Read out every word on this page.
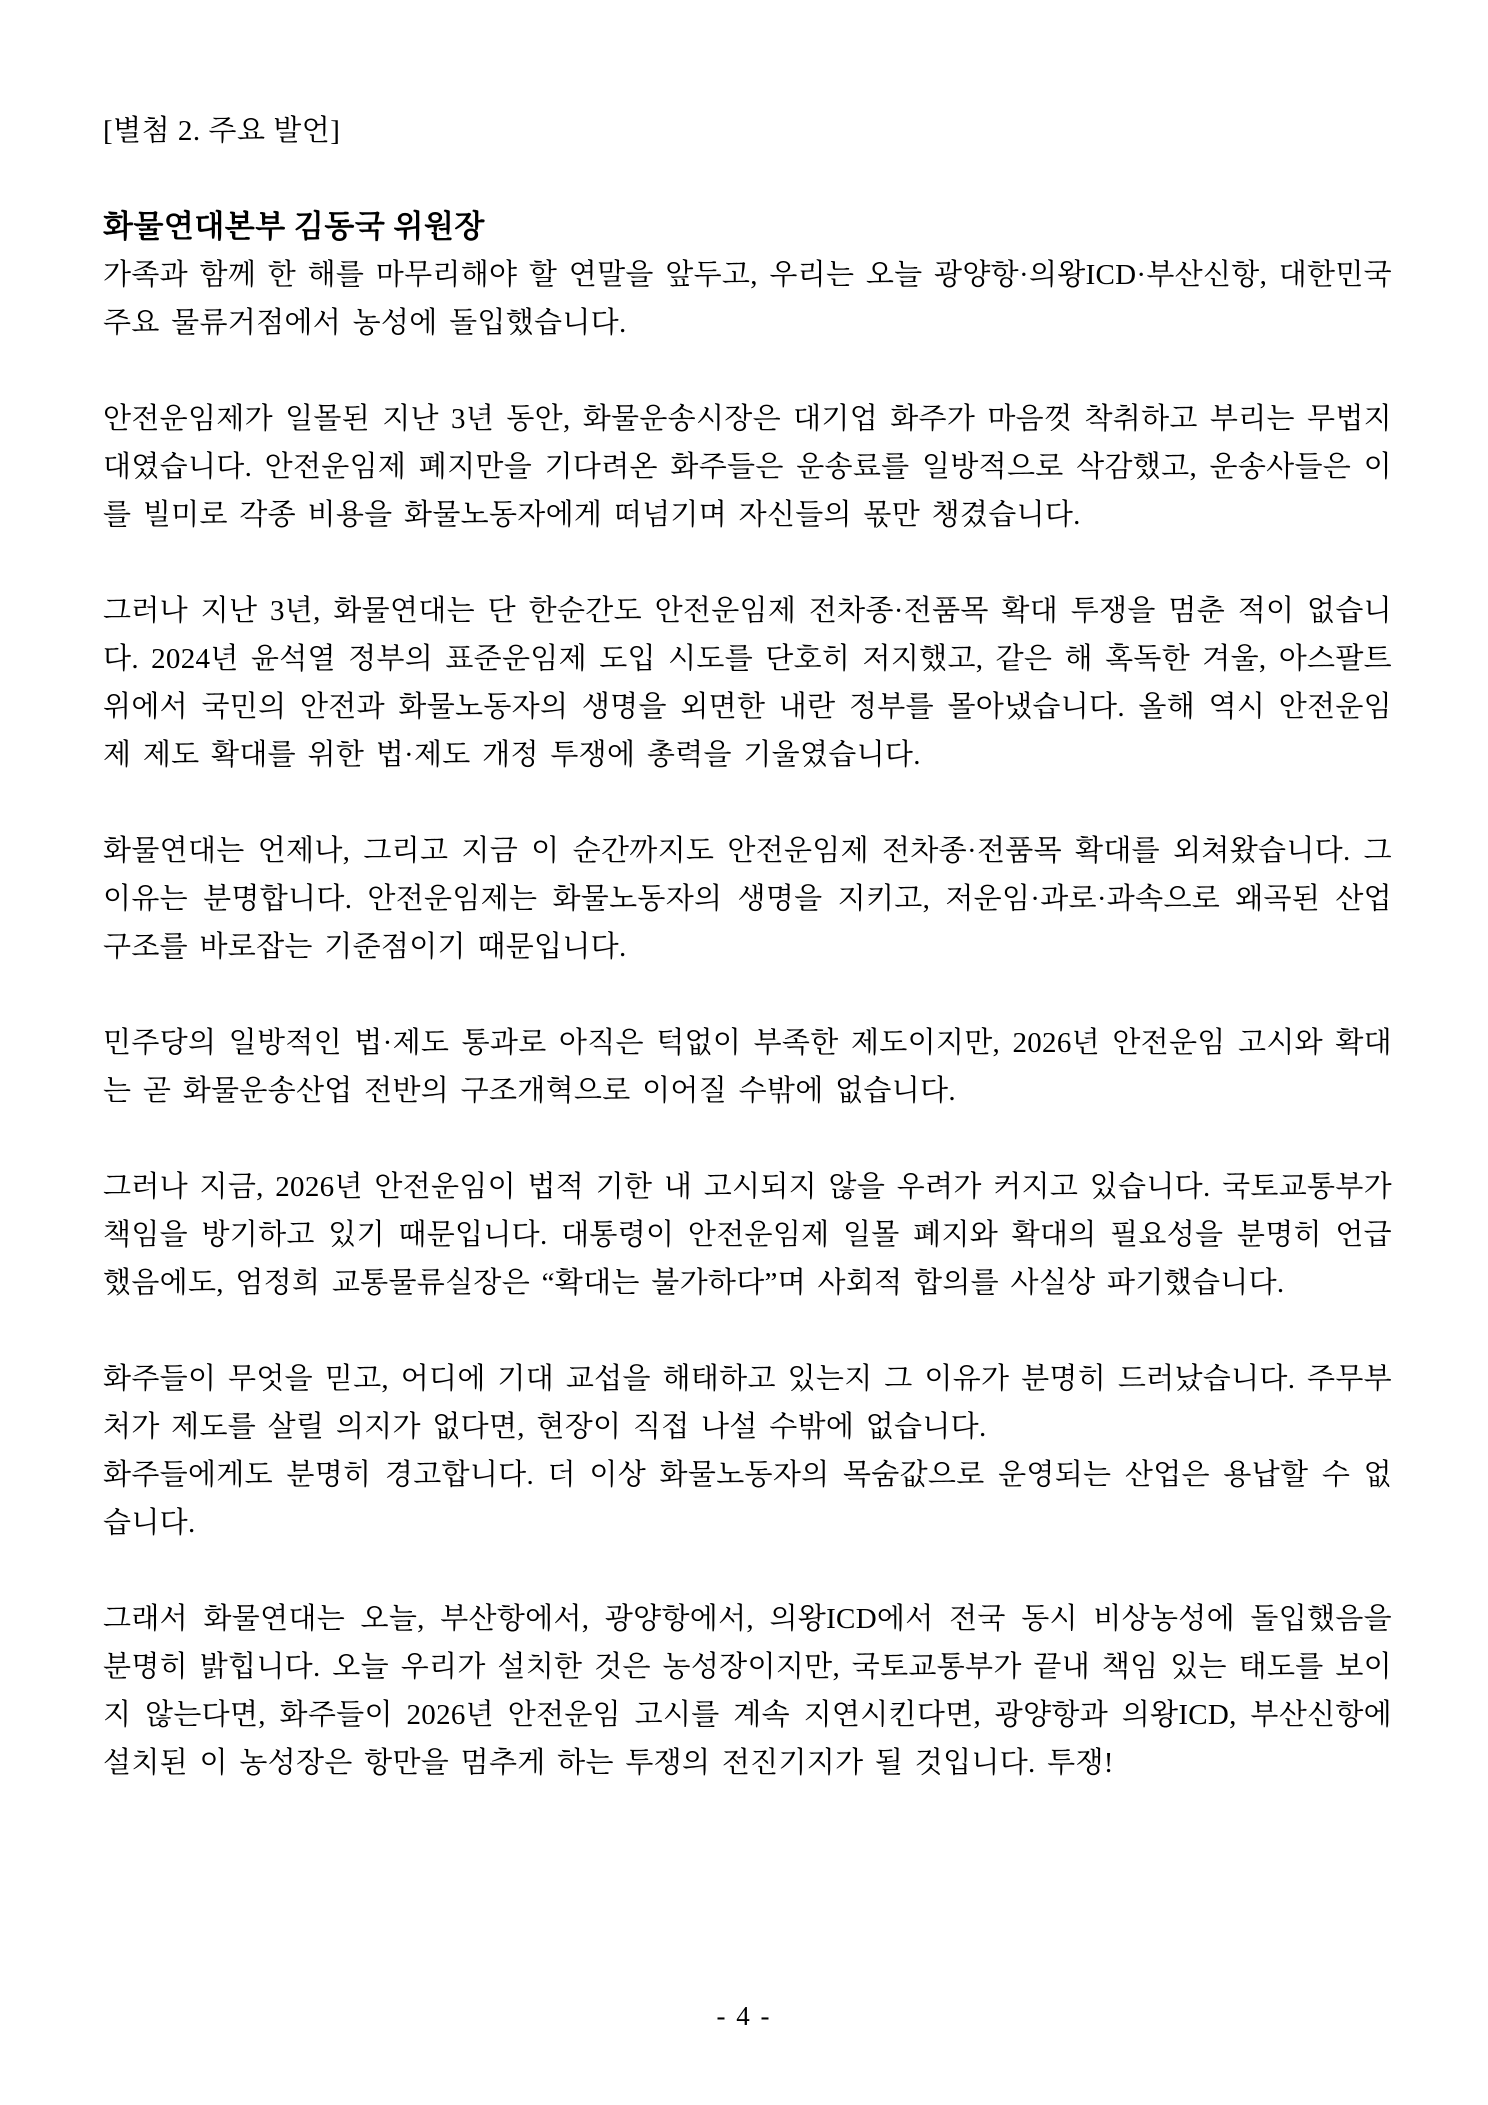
[별첨 2. 주요 발언]
화물연대본부 김동국 위원장
가족과 함께 한 해를 마무리해야 할 연말을 앞두고, 우리는 오늘 광양항·의왕ICD·부산신항, 대한민국 주요 물류거점에서 농성에 돌입했습니다.
안전운임제가 일몰된 지난 3년 동안, 화물운송시장은 대기업 화주가 마음껏 착취하고 부리는 무법지대였습니다. 안전운임제 폐지만을 기다려온 화주들은 운송료를 일방적으로 삭감했고, 운송사들은 이를 빌미로 각종 비용을 화물노동자에게 떠넘기며 자신들의 몫만 챙겼습니다.
그러나 지난 3년, 화물연대는 단 한순간도 안전운임제 전차종·전품목 확대 투쟁을 멈춘 적이 없습니다. 2024년 윤석열 정부의 표준운임제 도입 시도를 단호히 저지했고, 같은 해 혹독한 겨울, 아스팔트 위에서 국민의 안전과 화물노동자의 생명을 외면한 내란 정부를 몰아냈습니다. 올해 역시 안전운임제 제도 확대를 위한 법·제도 개정 투쟁에 총력을 기울였습니다.
화물연대는 언제나, 그리고 지금 이 순간까지도 안전운임제 전차종·전품목 확대를 외쳐왔습니다. 그 이유는 분명합니다. 안전운임제는 화물노동자의 생명을 지키고, 저운임·과로·과속으로 왜곡된 산업 구조를 바로잡는 기준점이기 때문입니다.
민주당의 일방적인 법·제도 통과로 아직은 턱없이 부족한 제도이지만, 2026년 안전운임 고시와 확대는 곧 화물운송산업 전반의 구조개혁으로 이어질 수밖에 없습니다.
그러나 지금, 2026년 안전운임이 법적 기한 내 고시되지 않을 우려가 커지고 있습니다. 국토교통부가 책임을 방기하고 있기 때문입니다. 대통령이 안전운임제 일몰 폐지와 확대의 필요성을 분명히 언급했음에도, 엄정희 교통물류실장은 “확대는 불가하다”며 사회적 합의를 사실상 파기했습니다.
화주들이 무엇을 믿고, 어디에 기대 교섭을 해태하고 있는지 그 이유가 분명히 드러났습니다. 주무부처가 제도를 살릴 의지가 없다면, 현장이 직접 나설 수밖에 없습니다.
화주들에게도 분명히 경고합니다. 더 이상 화물노동자의 목숨값으로 운영되는 산업은 용납할 수 없습니다.
그래서 화물연대는 오늘, 부산항에서, 광양항에서, 의왕ICD에서 전국 동시 비상농성에 돌입했음을 분명히 밝힙니다. 오늘 우리가 설치한 것은 농성장이지만, 국토교통부가 끝내 책임 있는 태도를 보이지 않는다면, 화주들이 2026년 안전운임 고시를 계속 지연시킨다면, 광양항과 의왕ICD, 부산신항에 설치된 이 농성장은 항만을 멈추게 하는 투쟁의 전진기지가 될 것입니다. 투쟁!
- 4 -
